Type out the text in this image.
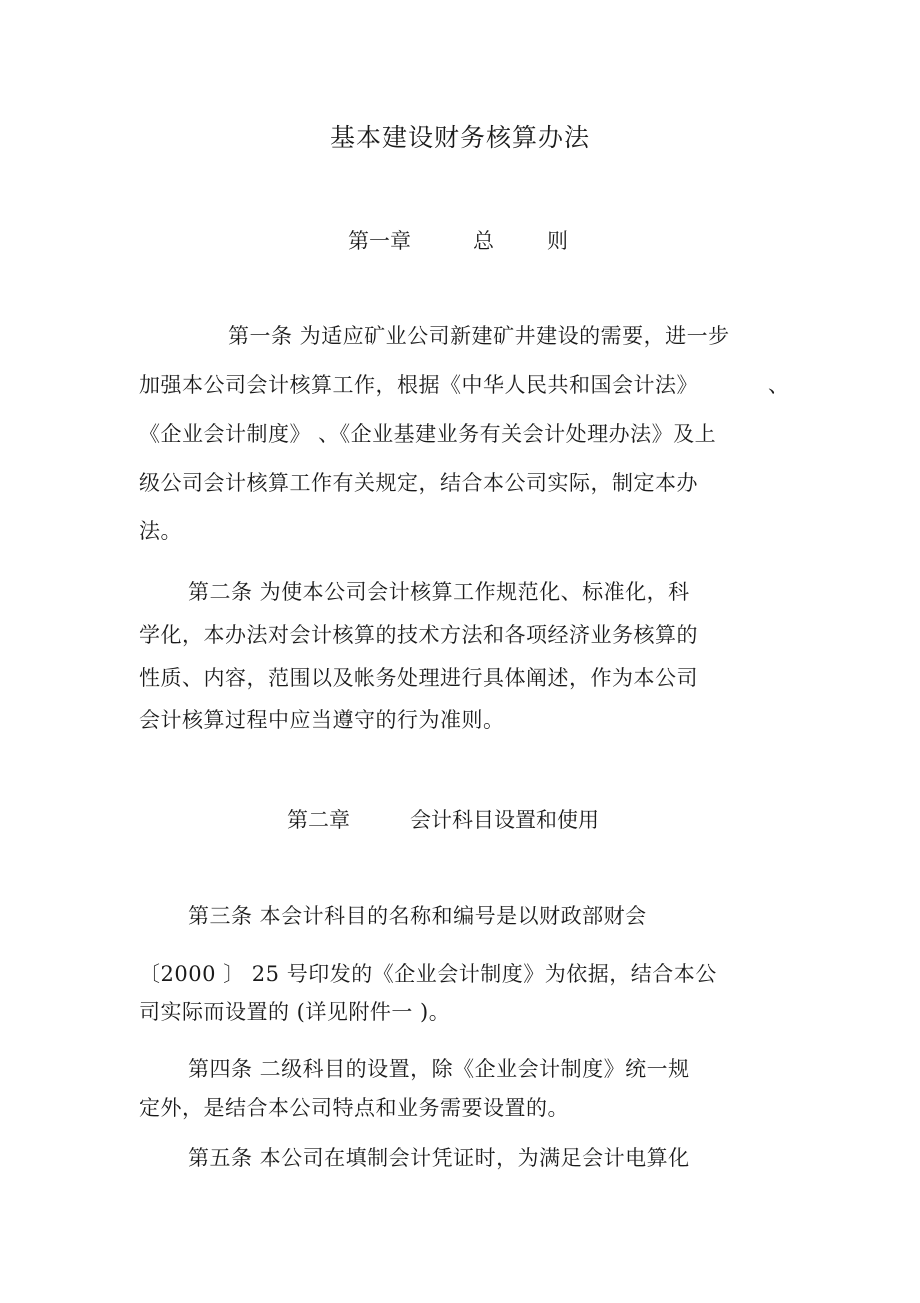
基本建设财务核算办法
第一章	总	则
第一条 为适应矿业公司新建矿井建设的需要，进一步
加强本公司会计核算工作，根据《中华人民共和国会计法》	、
《企业会计制度》 、《企业基建业务有关会计处理办法》及上
级公司会计核算工作有关规定，结合本公司实际，制定本办
法。
第二条 为使本公司会计核算工作规范化、标准化，科
学化，本办法对会计核算的技术方法和各项经济业务核算的
性质、内容，范围以及帐务处理进行具体阐述，作为本公司
会计核算过程中应当遵守的行为准则。
第二章	会计科目设置和使用
第三条 本会计科目的名称和编号是以财政部财会
〔2000 〕 25 号印发的《企业会计制度》为依据，结合本公
司实际而设置的 (详见附件一 )。
第四条 二级科目的设置，除《企业会计制度》统一规
定外，是结合本公司特点和业务需要设置的。
第五条 本公司在填制会计凭证时，为满足会计电算化
